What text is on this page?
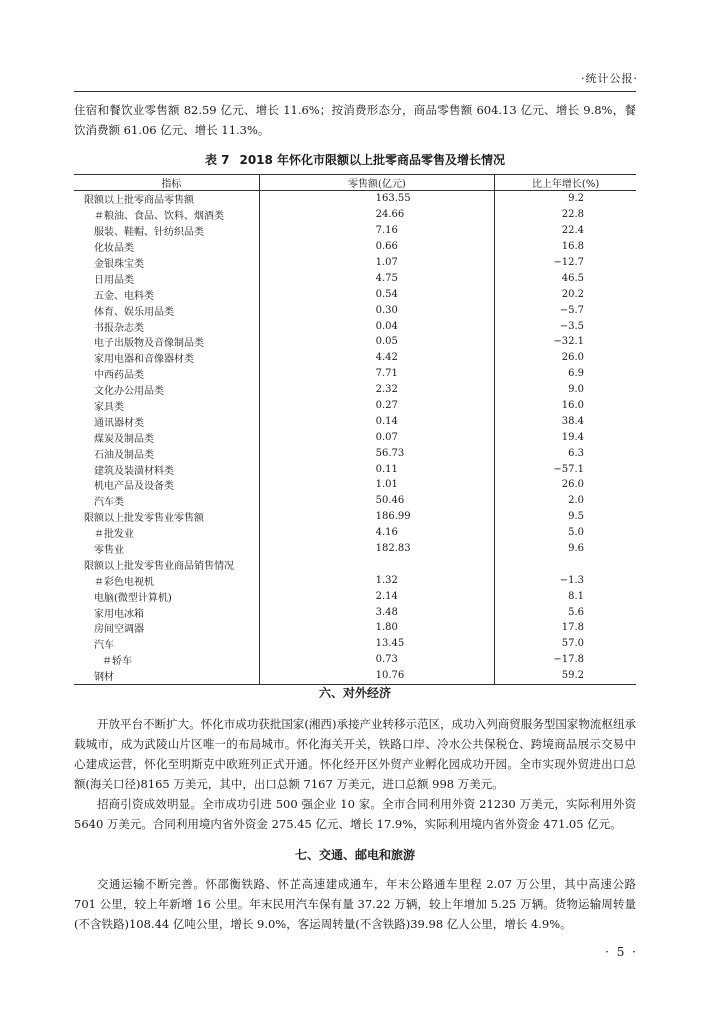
·统计公报·

住宿和餐饮业零售额 82.59 亿元、增长 11.6%；按消费形态分，商品零售额 604.13 亿元、增长 9.8%，餐饮消费额 61.06 亿元、增长 11.3%。

表 7 2018 年怀化市限额以上批零商品零售及增长情况
指标	零售额(亿元)	比上年增长(%)
限额以上批零商品零售额	163.55	9.2
＃粮油、食品、饮料、烟酒类	24.66	22.8
服装、鞋帽、针纺织品类	7.16	22.4
化妆品类	0.66	16.8
金银珠宝类	1.07	−12.7
日用品类	4.75	46.5
五金、电料类	0.54	20.2
体育、娱乐用品类	0.30	−5.7
书报杂志类	0.04	−3.5
电子出版物及音像制品类	0.05	−32.1
家用电器和音像器材类	4.42	26.0
中西药品类	7.71	6.9
文化办公用品类	2.32	9.0
家具类	0.27	16.0
通讯器材类	0.14	38.4
煤炭及制品类	0.07	19.4
石油及制品类	56.73	6.3
建筑及装潢材料类	0.11	−57.1
机电产品及设备类	1.01	26.0
汽车类	50.46	2.0
限额以上批发零售业零售额	186.99	9.5
＃批发业	4.16	5.0
零售业	182.83	9.6
限额以上批发零售业商品销售情况		
＃彩色电视机	1.32	−1.3
电脑(微型计算机)	2.14	8.1
家用电冰箱	3.48	5.6
房间空调器	1.80	17.8
汽车	13.45	57.0
＃轿车	0.73	−17.8
钢材	10.76	59.2
六、对外经济

开放平台不断扩大。怀化市成功获批国家(湘西)承接产业转移示范区，成功入列商贸服务型国家物流枢纽承载城市，成为武陵山片区唯一的布局城市。怀化海关开关，铁路口岸、冷水公共保税仓、跨境商品展示交易中心建成运营，怀化至明斯克中欧班列正式开通。怀化经开区外贸产业孵化园成功开园。全市实现外贸进出口总额(海关口径)8165 万美元，其中，出口总额 7167 万美元，进口总额 998 万美元。

招商引资成效明显。全市成功引进 500 强企业 10 家。全市合同利用外资 21230 万美元，实际利用外资 5640 万美元。合同利用境内省外资金 275.45 亿元、增长 17.9%，实际利用境内省外资金 471.05 亿元。

七、交通、邮电和旅游

交通运输不断完善。怀邵衡铁路、怀芷高速建成通车，年末公路通车里程 2.07 万公里，其中高速公路 701 公里，较上年新增 16 公里。年末民用汽车保有量 37.22 万辆，较上年增加 5.25 万辆。货物运输周转量(不含铁路)108.44 亿吨公里，增长 9.0%，客运周转量(不含铁路)39.98 亿人公里，增长 4.9%。

· 5 ·
